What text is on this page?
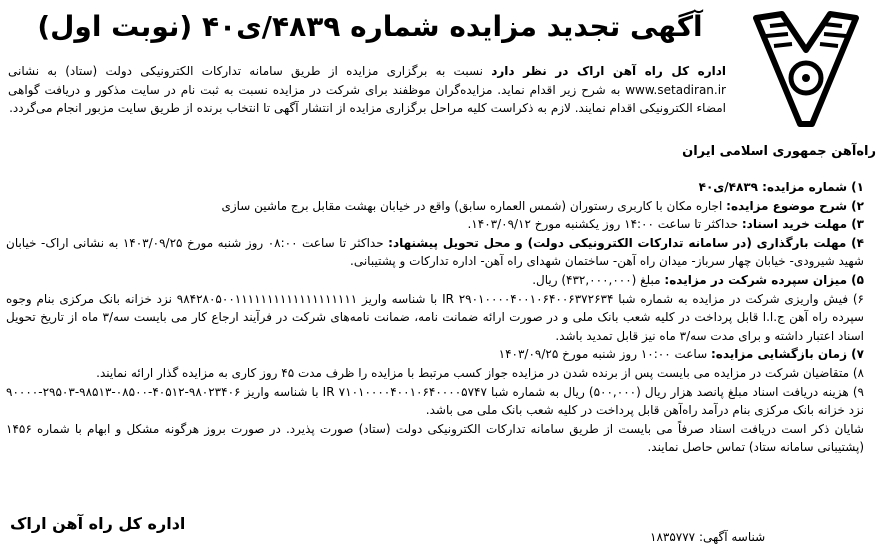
راه‌آهن جمهوری اسلامی ایران
آگهی تجدید مزایده شماره ۴۸۳۹/ی۴۰ (نوبت اول)
اداره کل راه آهن اراک در نظر دارد نسبت به برگزاری مزایده از طریق سامانه تدارکات الکترونیکی دولت (ستاد) به نشانی www.setadiran.ir به شرح زیر اقدام نماید. مزایده‌گران موظفند برای شرکت در مزایده نسبت به ثبت نام در سایت مذکور و دریافت گواهی امضاء الکترونیکی اقدام نمایند. لازم به ذکراست کلیه مراحل برگزاری مزایده از انتشار آگهی تا انتخاب برنده از طریق سایت مزبور انجام می‌گردد.

۱) شماره مزایده: ۴۸۳۹/ی۴۰

۲) شرح موضوع مزایده: اجاره مکان با کاربری رستوران (شمس العماره سابق) واقع در خیابان بهشت مقابل برج ماشین سازی

۳) مهلت خرید اسناد: حداکثر تا ساعت ۱۴:۰۰ روز یکشنبه مورخ ۱۴۰۳/۰۹/۱۲.

۴) مهلت بارگذاری (در سامانه تدارکات الکترونیکی دولت) و محل تحویل پیشنهاد: حداکثر تا ساعت ۰۸:۰۰ روز شنبه مورخ ۱۴۰۳/۰۹/۲۵ به نشانی اراک- خیابان شهید شیرودی- خیابان چهار سرباز- میدان راه آهن- ساختمان شهدای راه آهن- اداره تدارکات و پشتیبانی.

۵) میزان سپرده شرکت در مزایده: مبلغ (۴۳۲,۰۰۰,۰۰۰) ریال.

۶) فیش واریزی شرکت در مزایده به شماره شبا IR ۲۹۰۱۰۰۰۰۴۰۰۱۰۶۴۰۰۶۳۷۲۶۳۴ با شناسه واریز ۹۸۴۲۸۰۵۰۰۱۱۱۱۱۱۱۱۱۱۱۱۱۱۱۱۱۱۱ نزد خزانه بانک مرکزی بنام وجوه سپرده راه آهن ج.ا.ا قابل پرداخت در کلیه شعب بانک ملی و در صورت ارائه ضمانت نامه، ضمانت نامه‌های شرکت در فرآیند ارجاع کار می بایست سه/۳ ماه از تاریخ تحویل اسناد اعتبار داشته و برای مدت سه/۳ ماه نیز قابل تمدید باشد.

۷) زمان بازگشایی مزایده: ساعت ۱۰:۰۰ روز شنبه مورخ ۱۴۰۳/۰۹/۲۵

۸) متقاضیان شرکت در مزایده می بایست پس از برنده شدن در مزایده جواز کسب مرتبط با مزایده را ظرف مدت ۴۵ روز کاری به مزایده گذار ارائه نمایند.

۹) هزینه دریافت اسناد مبلغ پانصد هزار ریال (۵۰۰,۰۰۰) ریال به شماره شبا IR ۷۱۰۱۰۰۰۰۴۰۰۱۰۶۴۰۰۰۰۵۷۴۷ با شناسه واریز ۹۸۰۲۳۴۰۶-۴۰۵۱۲-۰۸۵۰۰-۹۸۵۱۳-۲۹۵۰۳-۹۰۰۰۰ نزد خزانه بانک مرکزی بنام درآمد راه‌آهن قابل پرداخت در کلیه شعب بانک ملی می باشد.

شایان ذکر است دریافت اسناد صرفاً می بایست از طریق سامانه تدارکات الکترونیکی دولت (ستاد) صورت پذیرد. در صورت بروز هرگونه مشکل و ابهام با شماره ۱۴۵۶ (پشتیبانی سامانه ستاد) تماس حاصل نمایند.

شناسه آگهی: ۱۸۳۵۷۷۷
اداره کل راه آهن اراک
